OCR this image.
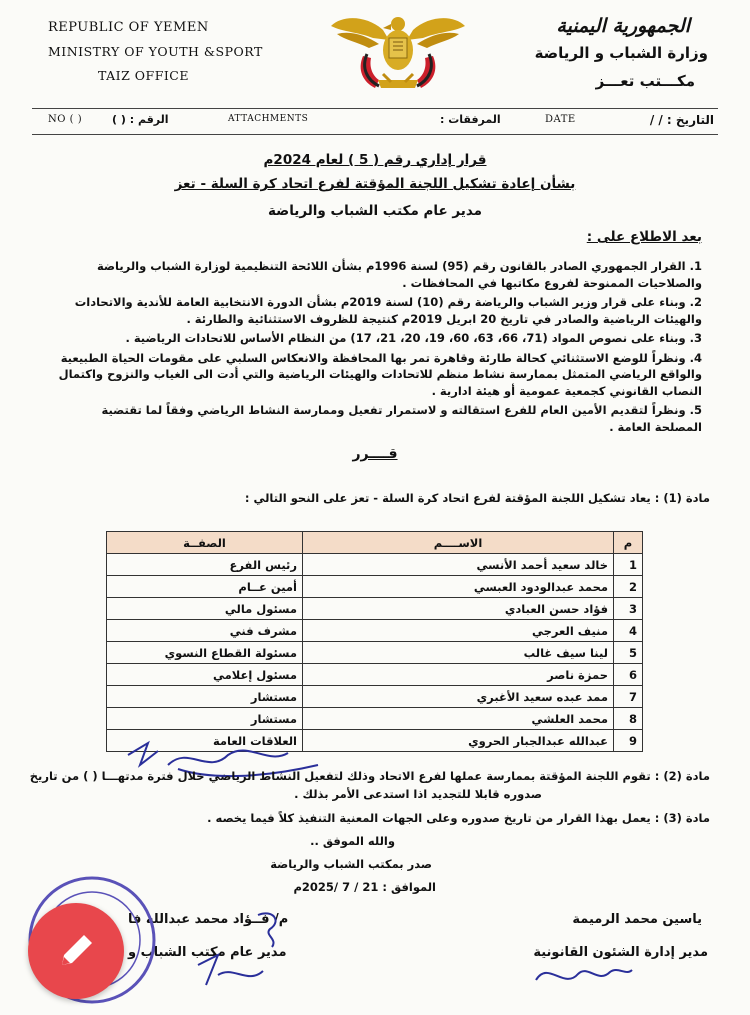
REPUBLIC OF YEMEN
MINISTRY OF YOUTH &SPORT
TAIZ OFFICE
الجمهورية اليمنية
وزارة الشباب و الرياضة
مكـــتب تعـــز
NO ( )	الرقم : ( )	ATTACHMENTS	المرفقات :	DATE	التاريخ : / /
قرار إداري رقم ( 5 ) لعام 2024م
بشأن إعادة تشكيل اللجنة المؤقتة لفرع اتحاد كرة السلة - تعز
مدير عام مكتب الشباب والرياضة
بعد الاطلاع على :
1. القرار الجمهوري الصادر بالقانون رقم (95) لسنة 1996م بشأن اللائحة التنظيمية لوزارة الشباب والرياضة والصلاحيات الممنوحة لفروع مكاتبها في المحافظات .
2. وبناء على قرار وزير الشباب والرياضة رقم (10) لسنة 2019م بشأن الدورة الانتخابية العامة للأندية والاتحادات والهيئات الرياضية والصادر في تاريخ 20 ابريل 2019م كنتيجة للظروف الاستثنائية والطارئة .
3. وبناء على نصوص المواد (71، 66، 63، 60، 19، 20، 21، 17) من النظام الأساس للاتحادات الرياضية .
4. ونظراً للوضع الاستثنائي كحالة طارئة وقاهرة تمر بها المحافظة والانعكاس السلبي على مقومات الحياة الطبيعية والواقع الرياضي المتمثل بممارسة نشاط منظم للاتحادات والهيئات الرياضية والتي أدت الى الغياب والنزوح واكتمال النصاب القانوني كجمعية عمومية أو هيئة ادارية .
5. ونظراً لتقديم الأمين العام للفرع استقالته و لاستمرار تفعيل وممارسة النشاط الرياضي وفقاً لما تقتضية المصلحة العامة .
قــــرر
مادة (1) : يعاد تشكيل اللجنة المؤقتة لفرع اتحاد كرة السلة - تعز على النحو التالي :
م	الاســــم	الصفــة
1	خالد سعيد أحمد الأنسي	رئيس الفرع
2	محمد عبدالودود العبسي	أمين عــام
3	فؤاد حسن العبادي	مسئول مالي
4	منيف العرجي	مشرف فني
5	لينا سيف غالب	مسئولة القطاع النسوي
6	حمزة ناصر	مسئول إعلامي
7	ممد عبده سعيد الأغبري	مستشار
8	محمد العلشي	مستشار
9	عبدالله عبدالجبار الحروي	العلاقات العامة
مادة (2) : تقوم اللجنة المؤقتة بممارسة عملها لفرع الاتحاد وذلك لتفعيل النشاط الرياضي خلال فترة مدتهـــا ( ) من تاريخ
صدوره قابلا للتجديد اذا استدعى الأمر بذلك .
مادة (3) : يعمل بهذا القرار من تاريخ صدوره وعلى الجهات المعنية التنفيذ كلاً فيما يخصه .
والله الموفق ..
صدر بمكتب الشباب والرياضة
الموافق : 21 / 7 /2025م
ياسين محمد الرميمة
مدير إدارة الشئون القانونية
م/ فــؤاد محمد عبدالله فا
مدير عام مكتب الشباب و
